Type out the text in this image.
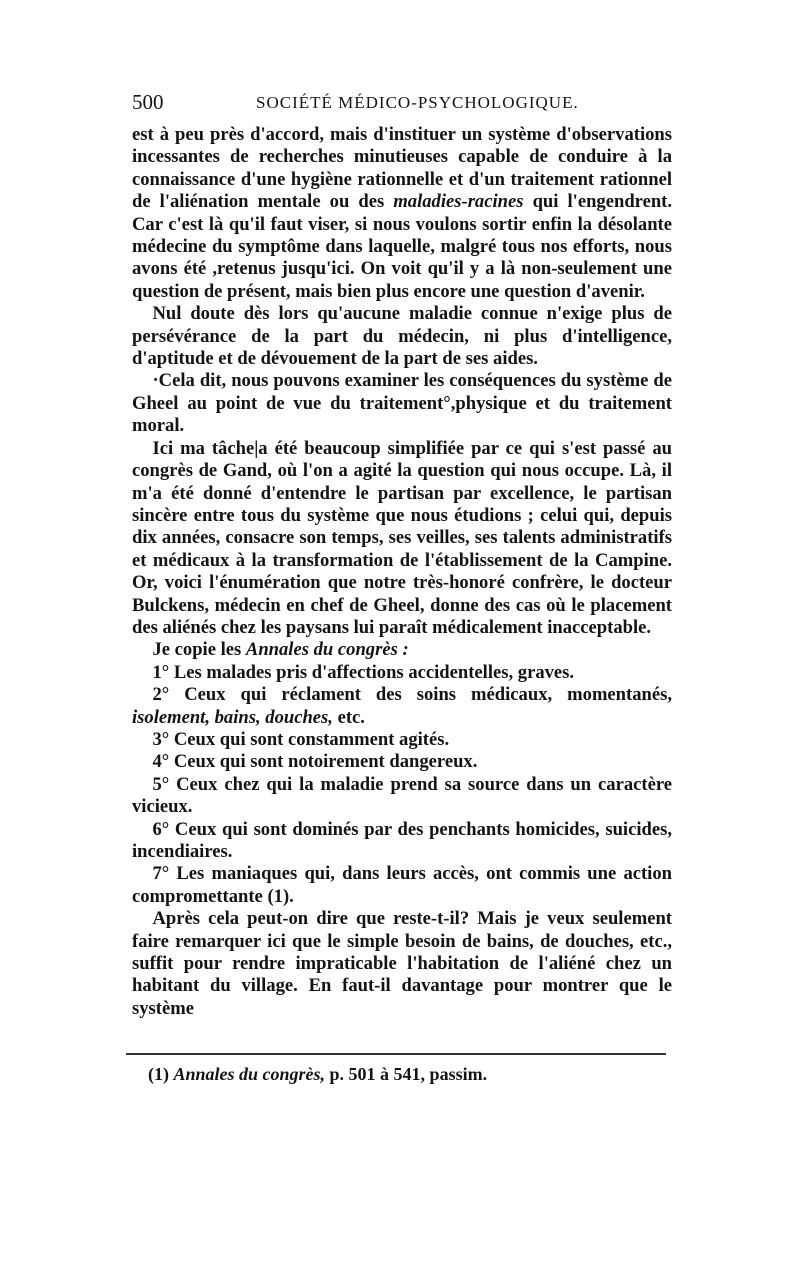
500	SOCIÉTÉ MÉDICO-PSYCHOLOGIQUE.

est à peu près d'accord, mais d'instituer un système d'observations incessantes de recherches minutieuses capable de conduire à la connaissance d'une hygiène rationnelle et d'un traitement rationnel de l'aliénation mentale ou des maladies-racines qui l'engendrent. Car c'est là qu'il faut viser, si nous voulons sortir enfin la désolante médecine du symptôme dans laquelle, malgré tous nos efforts, nous avons été ,retenus jusqu'ici. On voit qu'il y a là non-seulement une question de présent, mais bien plus encore une question d'avenir.

Nul doute dès lors qu'aucune maladie connue n'exige plus de persévérance de la part du médecin, ni plus d'intelligence, d'aptitude et de dévouement de la part de ses aides.

·Cela dit, nous pouvons examiner les conséquences du système de Gheel au point de vue du traitement°,physique et du traitement moral.

Ici ma tâche|a été beaucoup simplifiée par ce qui s'est passé au congrès de Gand, où l'on a agité la question qui nous occupe. Là, il m'a été donné d'entendre le partisan par excellence, le partisan sincère entre tous du système que nous étudions ; celui qui, depuis dix années, consacre son temps, ses veilles, ses talents administratifs et médicaux à la transformation de l'établissement de la Campine. Or, voici l'énumération que notre très-honoré confrère, le docteur Bulckens, médecin en chef de Gheel, donne des cas où le placement des aliénés chez les paysans lui paraît médicalement inacceptable.

Je copie les Annales du congrès :

1° Les malades pris d'affections accidentelles, graves.

2° Ceux qui réclament des soins médicaux, momentanés, isolement, bains, douches, etc.

3° Ceux qui sont constamment agités.

4° Ceux qui sont notoirement dangereux.

5° Ceux chez qui la maladie prend sa source dans un caractère vicieux.

6° Ceux qui sont dominés par des penchants homicides, suicides, incendiaires.

7° Les maniaques qui, dans leurs accès, ont commis une action compromettante (1).

Après cela peut-on dire que reste-t-il? Mais je veux seulement faire remarquer ici que le simple besoin de bains, de douches, etc., suffit pour rendre impraticable l'habitation de l'aliéné chez un habitant du village. En faut-il davantage pour montrer que le système

(1) Annales du congrès, p. 501 à 541, passim.
